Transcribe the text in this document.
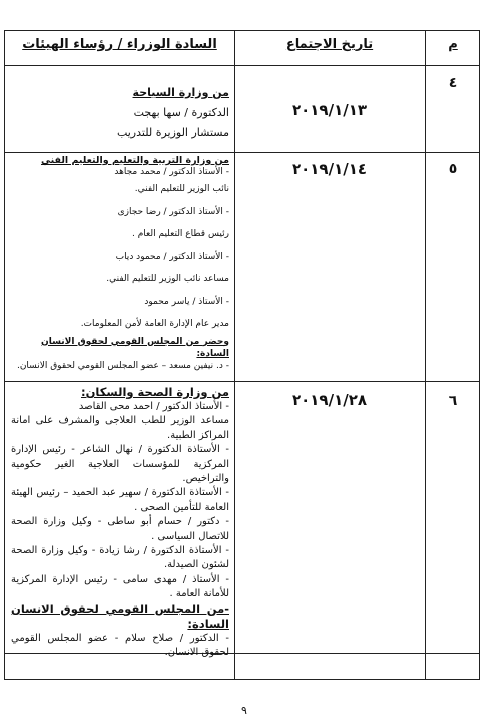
م
تاريخ الاجتماع
السادة الوزراء / رؤساء الهيئات
٤
٢٠١٩/١/١٣

من وزارة السياحة

الدكتورة / سها بهجت

مستشار الوزيرة للتدريب

٥
٢٠١٩/١/١٤

من وزارة التربية والتعليم والتعليم الفني

- الأستاذ الدكتور / محمد مجاهد

نائب الوزير للتعليم الفني.

- الأستاذ الدكتور / رضا حجازى

رئيس قطاع التعليم العام .

- الأستاذ الدكتور / محمود دياب

مساعد نائب الوزير للتعليم الفني.

- الأستاذ / ياسر محمود

مدير عام الإدارة العامة لأمن المعلومات.

وحضر من المجلس القومي لحقوق الانسان السادة:

- د. نيفين مسعد – عضو المجلس القومي لحقوق الانسان.

٦
٢٠١٩/١/٢٨

من وزارة الصحة والسكان:

- الأستاذ الدكتور / احمد محى القاصد

مساعد الوزير للطب العلاجى والمشرف على امانة المراكز الطبية.

- الأستاذة الدكتورة / نهال الشاعر - رئيس الإدارة المركزية للمؤسسات العلاجية الغير حكومية والتراخيص.

- الأستاذة الدكتورة / سهير عبد الحميد – رئيس الهيئة العامة للتأمين الصحى .

- دكتور / حسام أبو ساطى - وكيل وزارة الصحة للاتصال السياسى .

- الأستاذة الدكتورة / رشا زيادة - وكيل وزارة الصحة لشئون الصيدلة.

- الأستاذ / مهدى سامى - رئيس الإدارة المركزية للأمانة العامة .

-من المجلس القومي لحقوق الانسان السادة:

- الدكتور / صلاح سلام - عضو المجلس القومي لحقوق الانسان.

٩
